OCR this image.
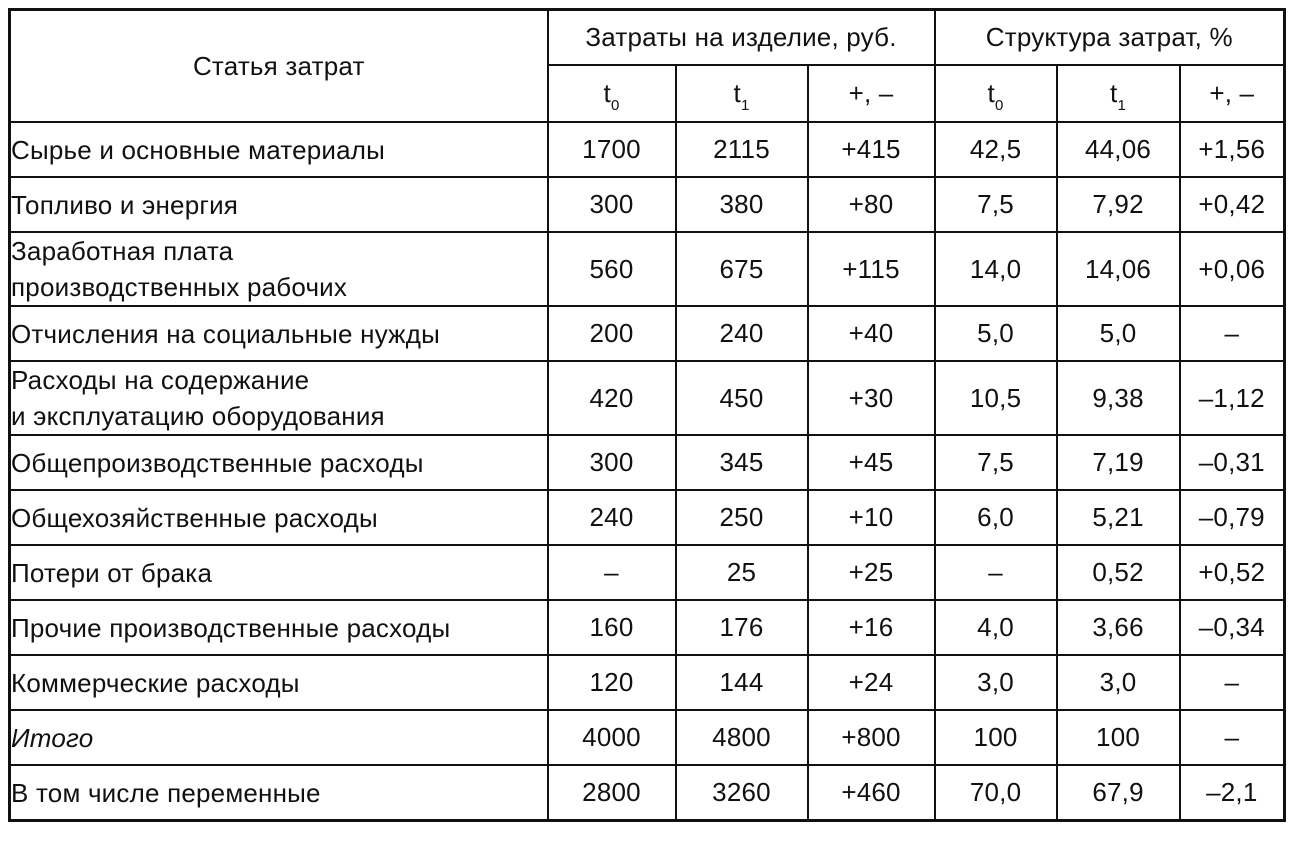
Статья затрат	Затраты на изделие, руб.			Структура затрат, %		
	$t_0$	$t_1$	+, –	$t_0$	$t_1$	+, –
Сырье и основные материалы	1700	2115	+415	42,5	44,06	+1,56
Топливо и энергия	300	380	+80	7,5	7,92	+0,42
Заработная плата
производственных рабочих	560	675	+115	14,0	14,06	+0,06
Отчисления на социальные нужды	200	240	+40	5,0	5,0	–
Расходы на содержание
и эксплуатацию оборудования	420	450	+30	10,5	9,38	–1,12
Общепроизводственные расходы	300	345	+45	7,5	7,19	–0,31
Общехозяйственные расходы	240	250	+10	6,0	5,21	–0,79
Потери от брака	–	25	+25	–	0,52	+0,52
Прочие производственные расходы	160	176	+16	4,0	3,66	–0,34
Коммерческие расходы	120	144	+24	3,0	3,0	–
Итого	4000	4800	+800	100	100	–
В том числе переменные	2800	3260	+460	70,0	67,9	–2,1
